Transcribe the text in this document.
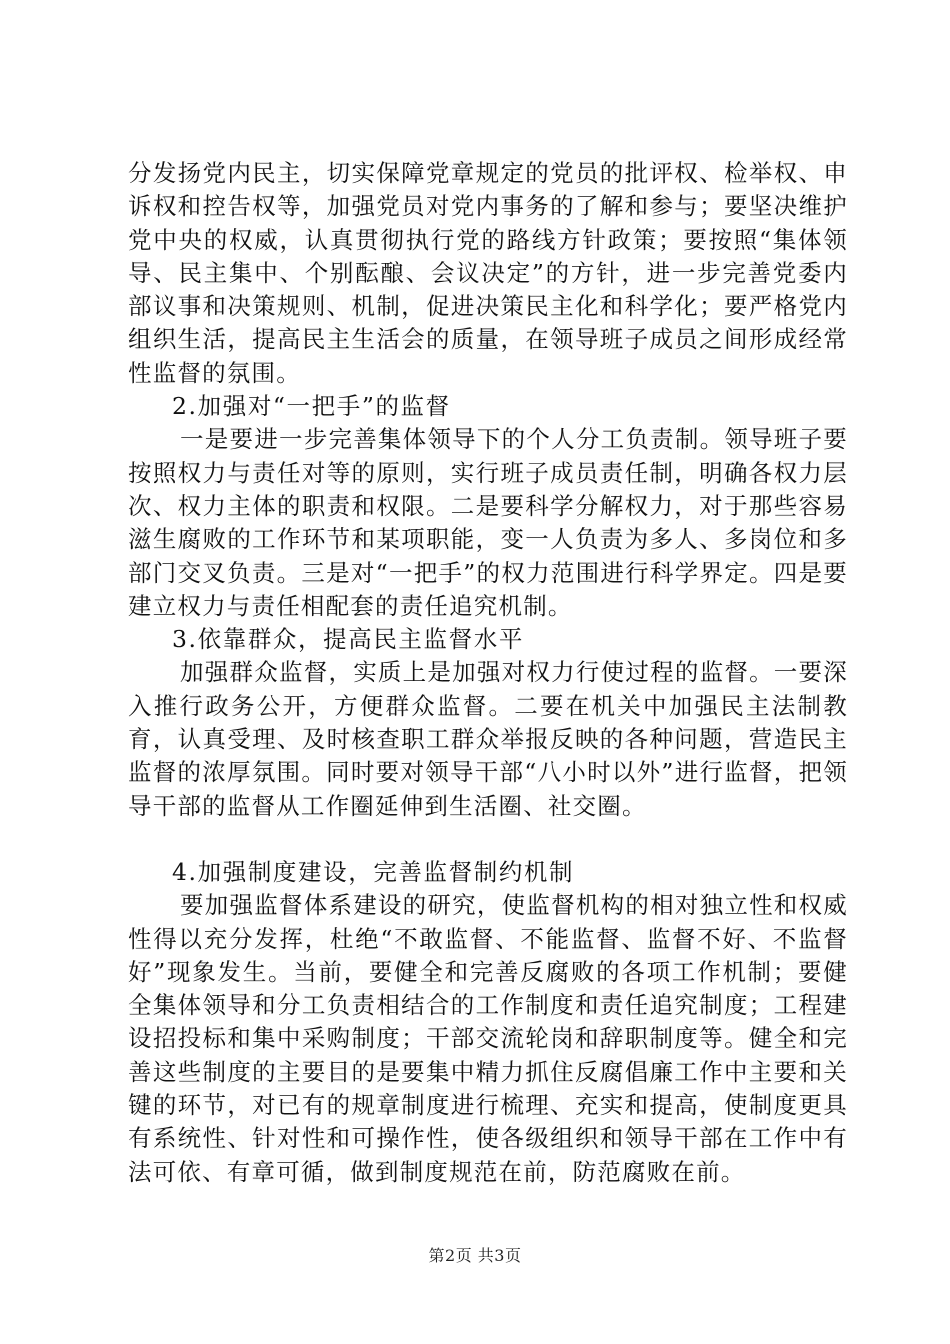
分发扬党内民主，切实保障党章规定的党员的批评权、检举权、申诉权和控告权等，加强党员对党内事务的了解和参与；要坚决维护党中央的权威，认真贯彻执行党的路线方针政策；要按照“集体领导、民主集中、个别酝酿、会议决定”的方针，进一步完善党委内部议事和决策规则、机制，促进决策民主化和科学化；要严格党内组织生活，提高民主生活会的质量，在领导班子成员之间形成经常性监督的氛围。

2.加强对“一把手”的监督

一是要进一步完善集体领导下的个人分工负责制。领导班子要按照权力与责任对等的原则，实行班子成员责任制，明确各权力层次、权力主体的职责和权限。二是要科学分解权力，对于那些容易滋生腐败的工作环节和某项职能，变一人负责为多人、多岗位和多部门交叉负责。三是对“一把手”的权力范围进行科学界定。四是要建立权力与责任相配套的责任追究机制。

3.依靠群众，提高民主监督水平

加强群众监督，实质上是加强对权力行使过程的监督。一要深入推行政务公开，方便群众监督。二要在机关中加强民主法制教育，认真受理、及时核查职工群众举报反映的各种问题，营造民主监督的浓厚氛围。同时要对领导干部“八小时以外”进行监督，把领导干部的监督从工作圈延伸到生活圈、社交圈。

4.加强制度建设，完善监督制约机制

要加强监督体系建设的研究，使监督机构的相对独立性和权威性得以充分发挥，杜绝“不敢监督、不能监督、监督不好、不监督好”现象发生。当前，要健全和完善反腐败的各项工作机制；要健全集体领导和分工负责相结合的工作制度和责任追究制度；工程建设招投标和集中采购制度；干部交流轮岗和辞职制度等。健全和完善这些制度的主要目的是要集中精力抓住反腐倡廉工作中主要和关键的环节，对已有的规章制度进行梳理、充实和提高，使制度更具有系统性、针对性和可操作性，使各级组织和领导干部在工作中有法可依、有章可循，做到制度规范在前，防范腐败在前。

第2页 共3页
